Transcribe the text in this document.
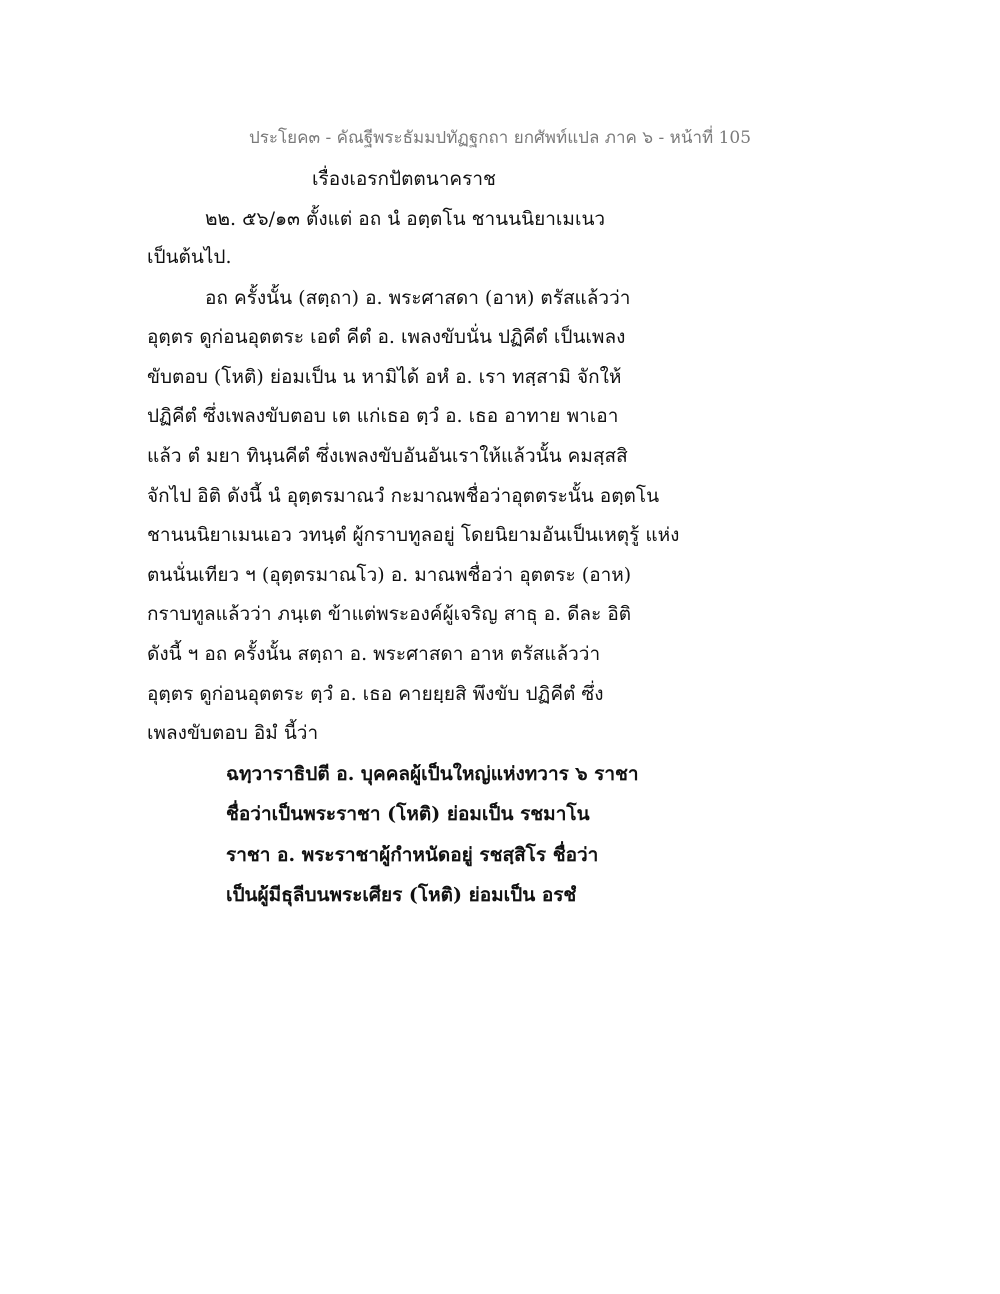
ประโยค๓ - คัณฐีพระธัมมปทัฏฐกถา ยกศัพท์แปล ภาค ๖ - หน้าที่ 105
เรื่องเอรกปัตตนาคราช
๒๒. ๕๖/๑๓ ตั้งแต่ อถ นํ อตฺตโน ชานนนิยาเมเนว
เป็นต้นไป.
อถ ครั้งนั้น (สตฺถา) อ. พระศาสดา (อาห) ตรัสแล้วว่า
อุตฺตร ดูก่อนอุตตระ เอตํ คีตํ อ. เพลงขับนั่น ปฏิคีตํ เป็นเพลง
ขับตอบ (โหติ) ย่อมเป็น น หามิได้ อหํ อ. เรา ทสฺสามิ จักให้
ปฏิคีตํ ซึ่งเพลงขับตอบ เต แก่เธอ ตฺวํ อ. เธอ อาทาย พาเอา
แล้ว ตํ มยา ทินฺนคีตํ ซึ่งเพลงขับอันอันเราให้แล้วนั้น คมสฺสสิ
จักไป อิติ ดังนี้ นํ อุตฺตรมาณวํ กะมาณพชื่อว่าอุตตระนั้น อตฺตโน
ชานนนิยาเมนเอว วทนฺตํ ผู้กราบทูลอยู่ โดยนิยามอันเป็นเหตุรู้ แห่ง
ตนนั่นเทียว ฯ (อุตฺตรมาณโว) อ. มาณพชื่อว่า อุตตระ (อาห)
กราบทูลแล้วว่า ภนฺเต ข้าแต่พระองค์ผู้เจริญ สาธุ อ. ดีละ อิติ
ดังนี้ ฯ อถ ครั้งนั้น สตฺถา อ. พระศาสดา อาห ตรัสแล้วว่า
อุตฺตร ดูก่อนอุตตระ ตฺวํ อ. เธอ คายยฺยสิ พึงขับ ปฏิคีตํ ซึ่ง
เพลงขับตอบ อิมํ นี้ว่า
ฉทฺวาราธิปตี อ. บุคคลผู้เป็นใหญ่แห่งทวาร ๖ ราชา
ชื่อว่าเป็นพระราชา (โหติ) ย่อมเป็น รชมาโน
ราชา อ. พระราชาผู้กำหนัดอยู่ รชสฺสิโร ชื่อว่า
เป็นผู้มีธุลีบนพระเศียร (โหติ) ย่อมเป็น อรชํ
